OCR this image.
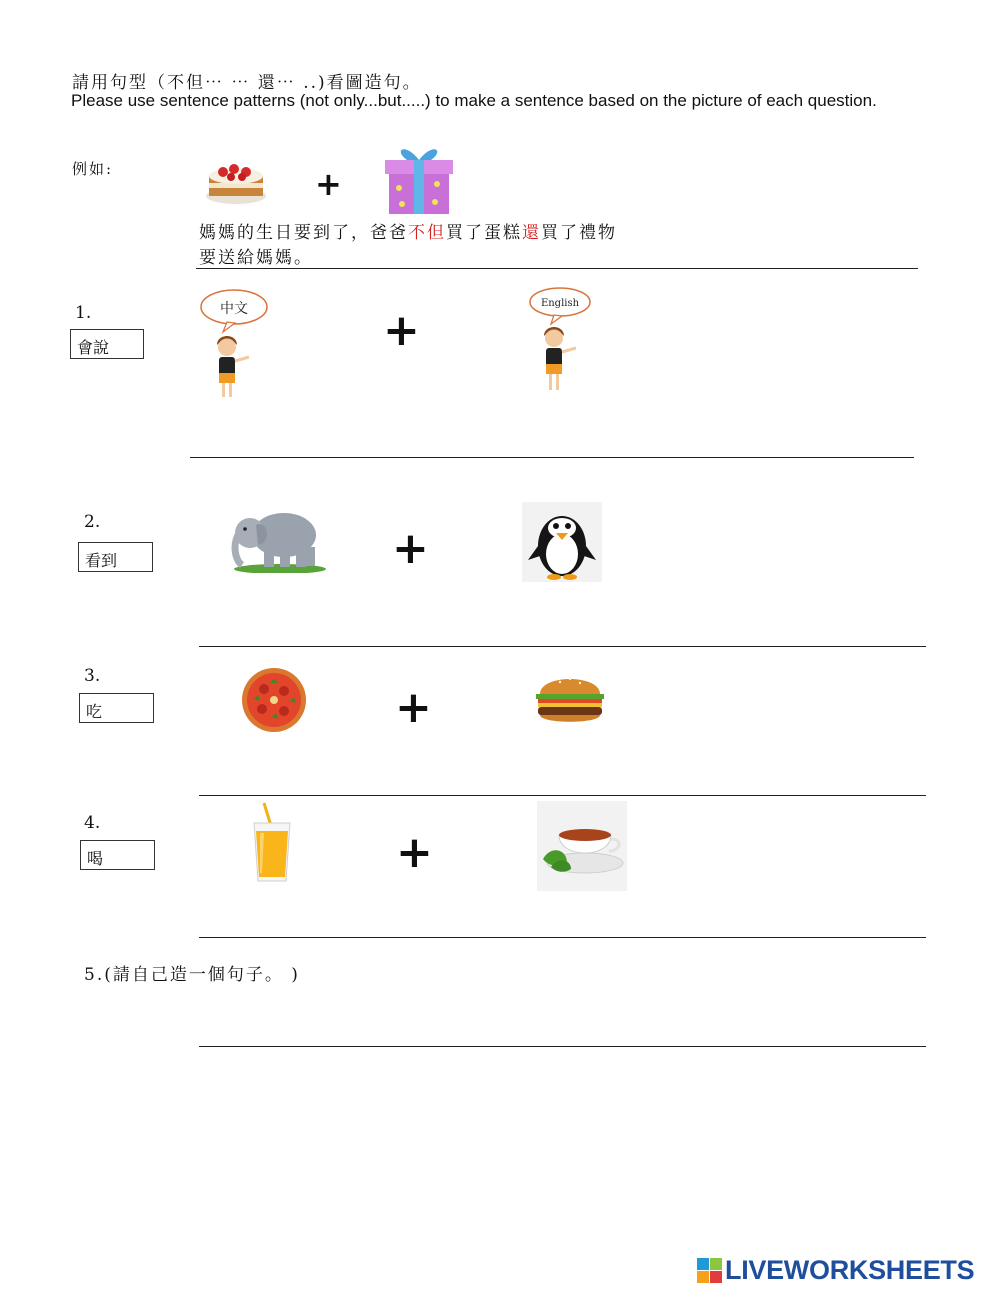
請用句型（不但⋯ ⋯ 還⋯ ..)看圖造句。
Please use sentence patterns (not only...but.....) to make a sentence based on the picture of each question.
例如:	+
媽媽的生日要到了，爸爸不但買了蛋糕還買了禮物
要送給媽媽。
1.
會說
中文	+
English
2.
看到	+
3.
吃	+
4.
喝	+
5.(請自己造一個句子。 )
LIVEWORKSHEETS
